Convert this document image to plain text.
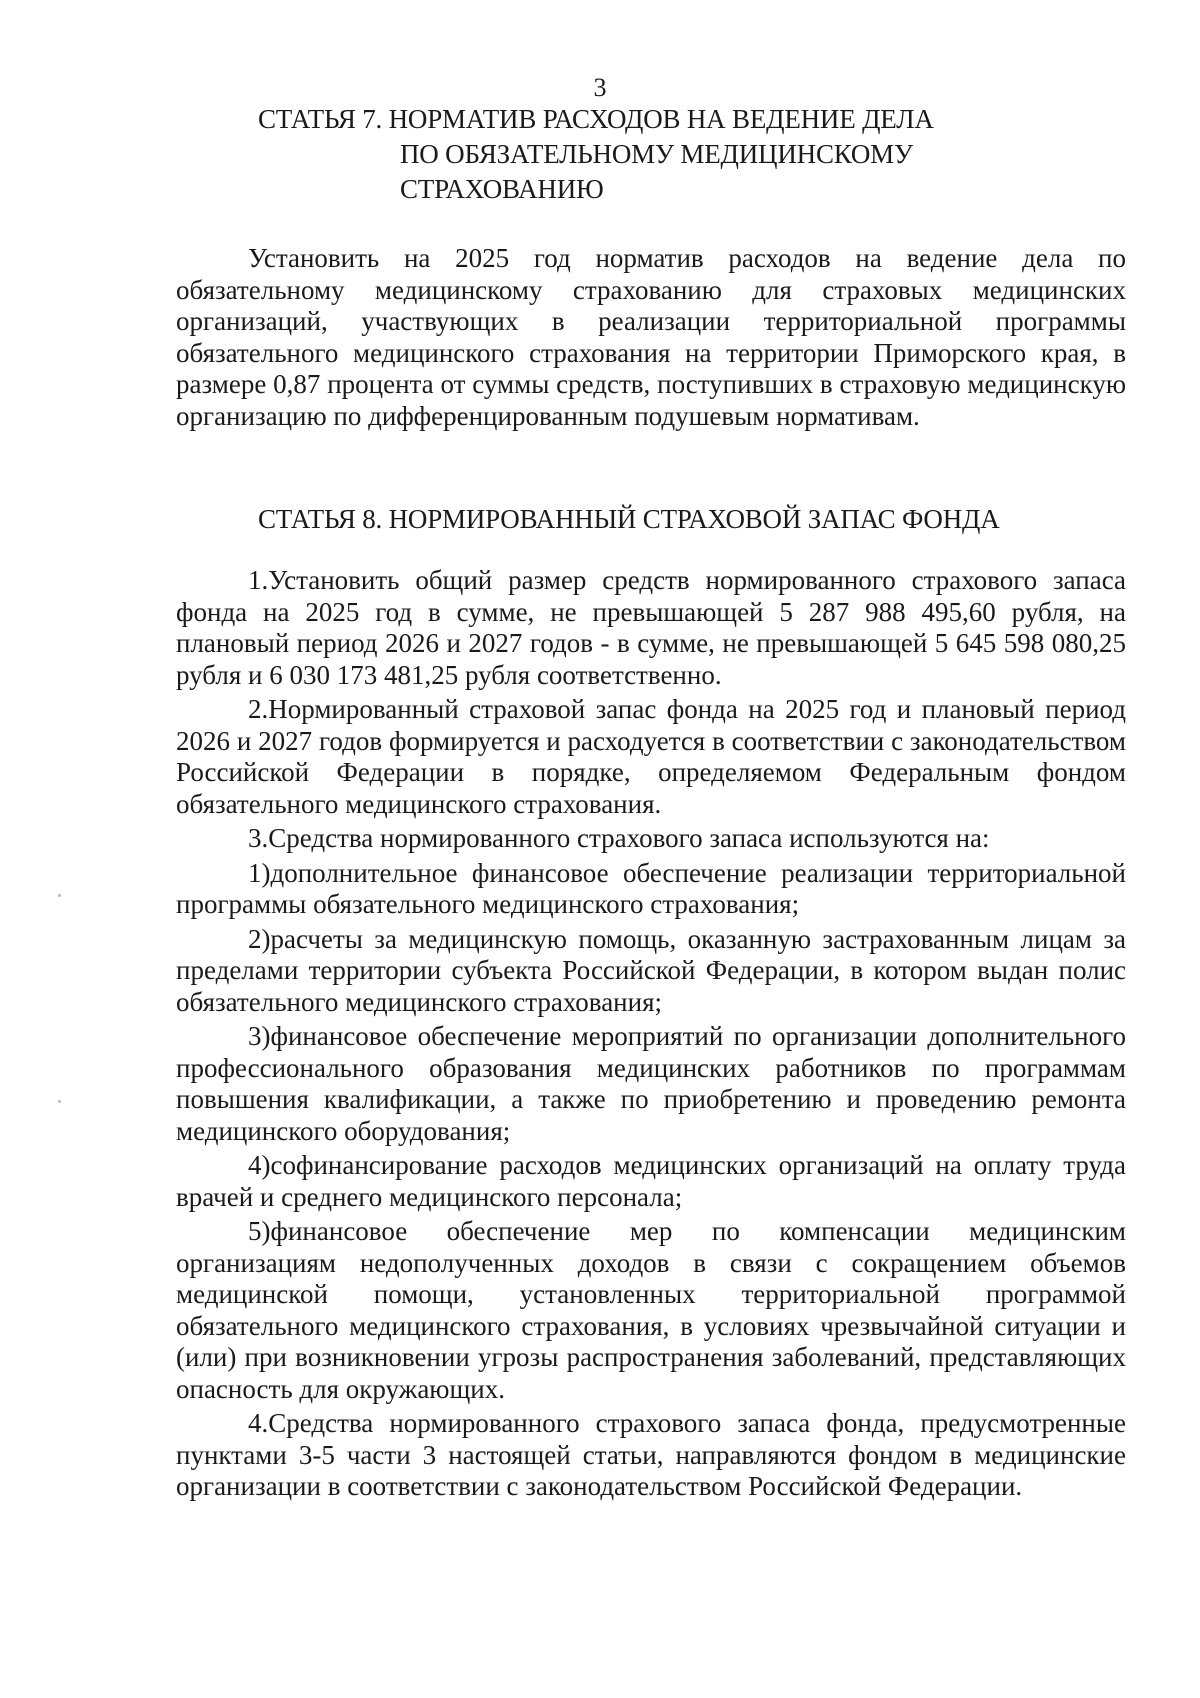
3
СТАТЬЯ 7. НОРМАТИВ РАСХОДОВ НА ВЕДЕНИЕ ДЕЛА
ПО ОБЯЗАТЕЛЬНОМУ МЕДИЦИНСКОМУ
СТРАХОВАНИЮ

Установить на 2025 год норматив расходов на ведение дела по обязательному медицинскому страхованию для страховых медицинских организаций, участвующих в реализации территориальной программы обязательного медицинского страхования на территории Приморского края, в размере 0,87 процента от суммы средств, поступивших в страховую медицинскую организацию по дифференцированным подушевым нормативам.

СТАТЬЯ 8. НОРМИРОВАННЫЙ СТРАХОВОЙ ЗАПАС ФОНДА

1.Установить общий размер средств нормированного страхового запаса фонда на 2025 год в сумме, не превышающей 5 287 988 495,60 рубля, на плановый период 2026 и 2027 годов - в сумме, не превышающей 5 645 598 080,25 рубля и 6 030 173 481,25 рубля соответственно.

2.Нормированный страховой запас фонда на 2025 год и плановый период 2026 и 2027 годов формируется и расходуется в соответствии с законодательством Российской Федерации в порядке, определяемом Федеральным фондом обязательного медицинского страхования.

3.Средства нормированного страхового запаса используются на:

1)дополнительное финансовое обеспечение реализации территориальной программы обязательного медицинского страхования;

2)расчеты за медицинскую помощь, оказанную застрахованным лицам за пределами территории субъекта Российской Федерации, в котором выдан полис обязательного медицинского страхования;

3)финансовое обеспечение мероприятий по организации дополнительного профессионального образования медицинских работников по программам повышения квалификации, а также по приобретению и проведению ремонта медицинского оборудования;

4)софинансирование расходов медицинских организаций на оплату труда врачей и среднего медицинского персонала;

5)финансовое обеспечение мер по компенсации медицинским организациям недополученных доходов в связи с сокращением объемов медицинской помощи, установленных территориальной программой обязательного медицинского страхования, в условиях чрезвычайной ситуации и (или) при возникновении угрозы распространения заболеваний, представляющих опасность для окружающих.

4.Средства нормированного страхового запаса фонда, предусмотренные пунктами 3-5 части 3 настоящей статьи, направляются фондом в медицинские организации в соответствии с законодательством Российской Федерации.
